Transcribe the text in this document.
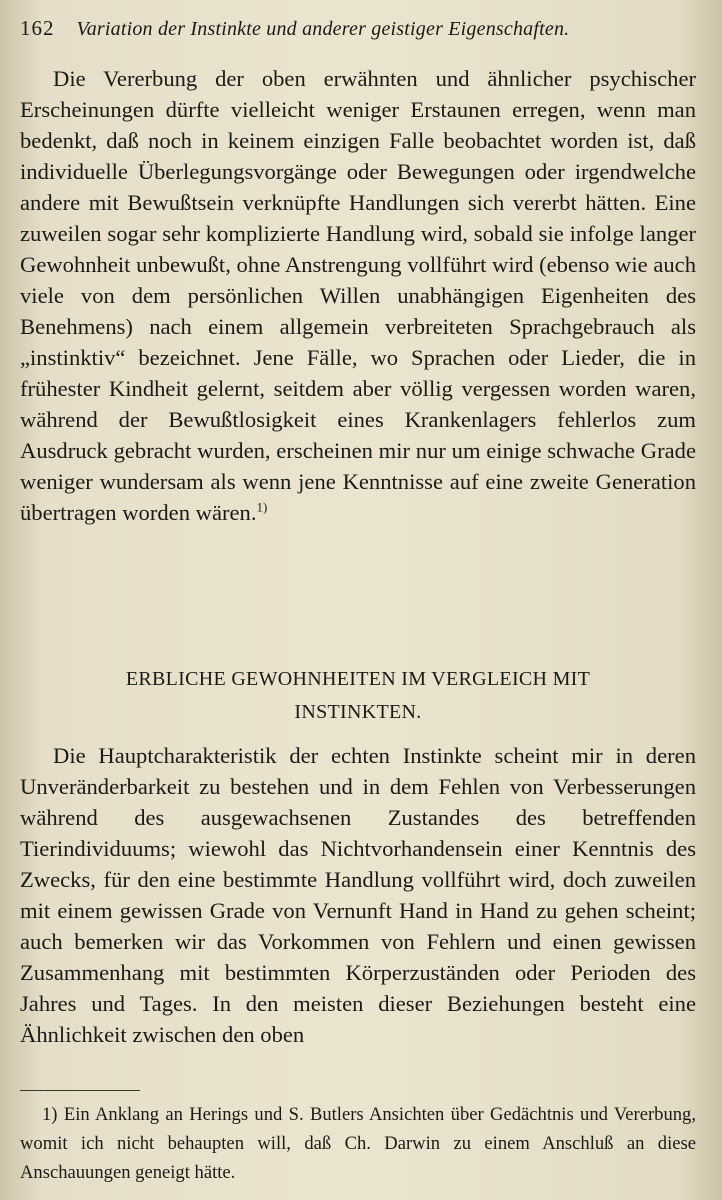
162 Variation der Instinkte und anderer geistiger Eigenschaften.
Die Vererbung der oben erwähnten und ähnlicher psychischer Erscheinungen dürfte vielleicht weniger Erstaunen erregen, wenn man bedenkt, daß noch in keinem einzigen Falle beobachtet worden ist, daß individuelle Überlegungsvorgänge oder Bewegungen oder irgendwelche andere mit Bewußtsein verknüpfte Handlungen sich vererbt hätten. Eine zuweilen sogar sehr komplizierte Handlung wird, sobald sie infolge langer Gewohnheit unbewußt, ohne Anstrengung vollführt wird (ebenso wie auch viele von dem persönlichen Willen unabhängigen Eigenheiten des Benehmens) nach einem allgemein verbreiteten Sprachgebrauch als „instinktiv“ bezeichnet. Jene Fälle, wo Sprachen oder Lieder, die in frühester Kindheit gelernt, seitdem aber völlig vergessen worden waren, während der Bewußtlosigkeit eines Krankenlagers fehlerlos zum Ausdruck gebracht wurden, erscheinen mir nur um einige schwache Grade weniger wundersam als wenn jene Kenntnisse auf eine zweite Generation übertragen worden wären.$^{1)}$
ERBLICHE GEWOHNHEITEN IM VERGLEICH MIT
INSTINKTEN.
Die Hauptcharakteristik der echten Instinkte scheint mir in deren Unveränderbarkeit zu bestehen und in dem Fehlen von Verbesserungen während des ausgewachsenen Zustandes des betreffenden Tierindividuums; wiewohl das Nichtvorhandensein einer Kenntnis des Zwecks, für den eine bestimmte Handlung vollführt wird, doch zuweilen mit einem gewissen Grade von Vernunft Hand in Hand zu gehen scheint; auch bemerken wir das Vorkommen von Fehlern und einen gewissen Zusammenhang mit bestimmten Körperzuständen oder Perioden des Jahres und Tages. In den meisten dieser Beziehungen besteht eine Ähnlichkeit zwischen den oben
1) Ein Anklang an Herings und S. Butlers Ansichten über Gedächtnis und Vererbung, womit ich nicht behaupten will, daß Ch. Darwin zu einem Anschluß an diese Anschauungen geneigt hätte.
